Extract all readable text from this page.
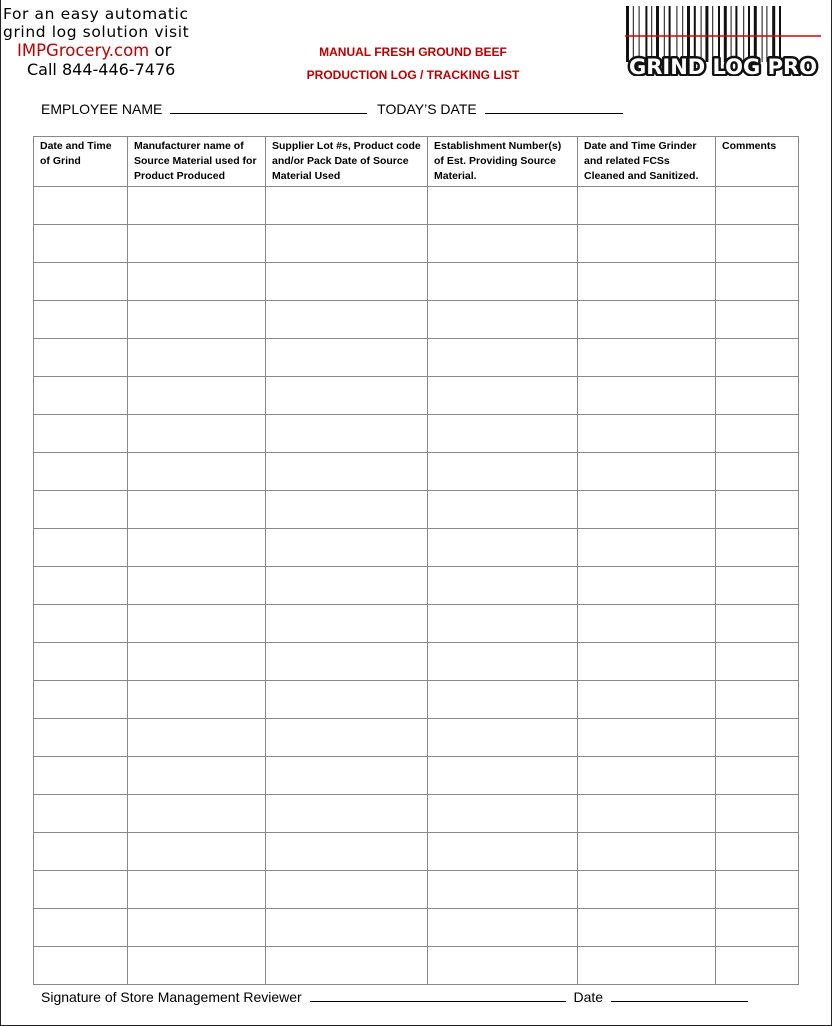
For an easy automatic
grind log solution visit
IMPGrocery.com or
Call 844-446-7476
MANUAL FRESH GROUND BEEF
PRODUCTION LOG / TRACKING LIST	GRIND LOG PRO
EMPLOYEE NAME	TODAY’S DATE
Date and Time of Grind	Manufacturer name of Source Material used for Product Produced	Supplier Lot #s, Product code and/or Pack Date of Source Material Used	Establishment Number(s) of Est. Providing Source Material.	Date and Time Grinder and related FCSs Cleaned and Sanitized.	Comments

Signature of Store Management Reviewer	Date
